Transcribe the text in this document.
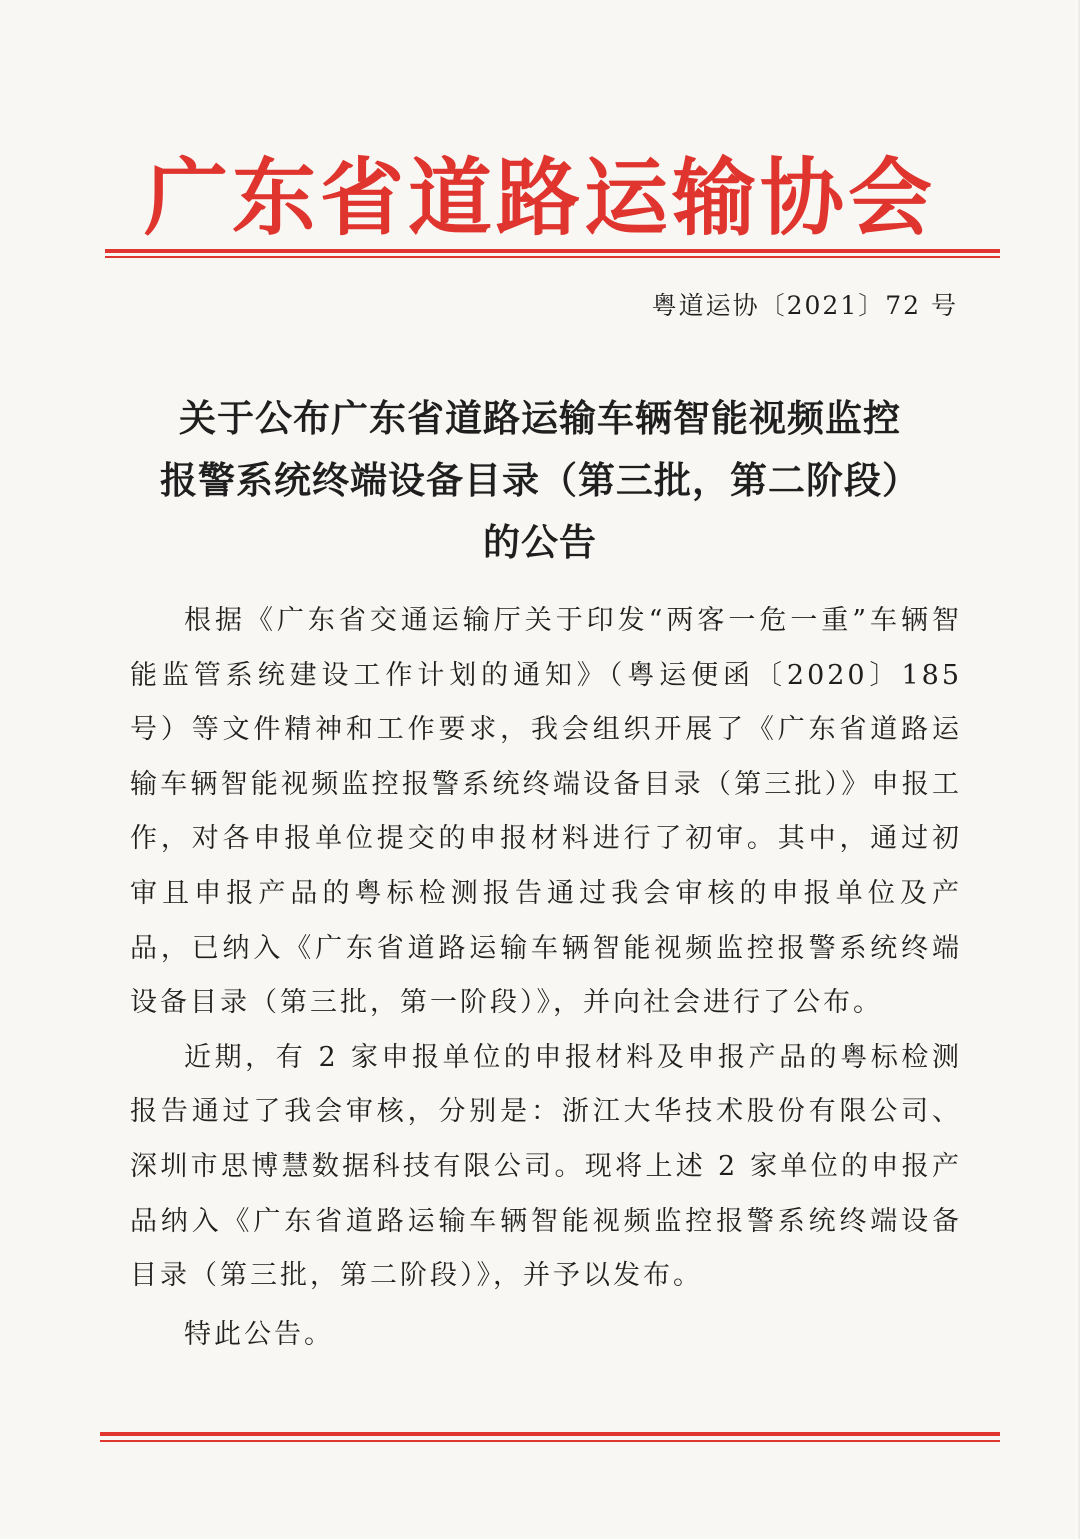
广东省道路运输协会
粤道运协〔2021〕72 号
关于公布广东省道路运输车辆智能视频监控
报警系统终端设备目录（第三批，第二阶段）
的公告

根据《广东省交通运输厅关于印发“两客一危一重”车辆智能监管系统建设工作计划的通知》（粤运便函〔2020〕185 号）等文件精神和工作要求，我会组织开展了《广东省道路运输车辆智能视频监控报警系统终端设备目录（第三批）》申报工作，对各申报单位提交的申报材料进行了初审。其中，通过初审且申报产品的粤标检测报告通过我会审核的申报单位及产品，已纳入《广东省道路运输车辆智能视频监控报警系统终端设备目录（第三批，第一阶段）》，并向社会进行了公布。

近期，有 2 家申报单位的申报材料及申报产品的粤标检测报告通过了我会审核，分别是：浙江大华技术股份有限公司、深圳市思博慧数据科技有限公司。现将上述 2 家单位的申报产品纳入《广东省道路运输车辆智能视频监控报警系统终端设备目录（第三批，第二阶段）》，并予以发布。

特此公告。
